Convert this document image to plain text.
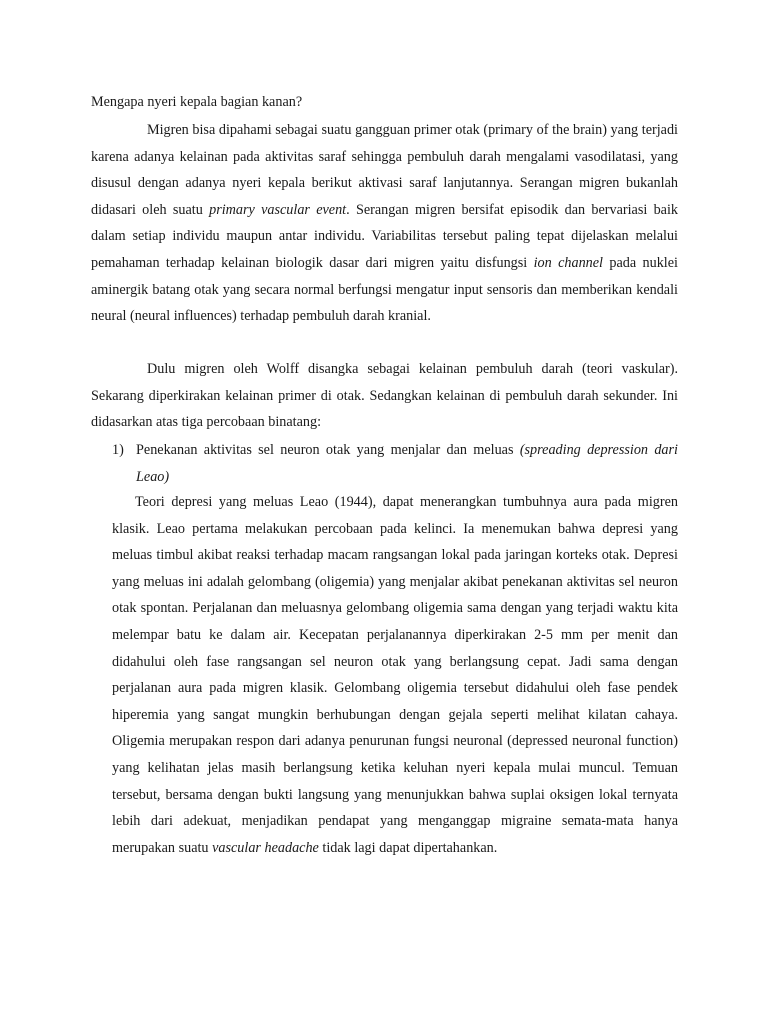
Mengapa nyeri kepala bagian kanan?

Migren bisa dipahami sebagai suatu gangguan primer otak (primary of the brain) yang terjadi karena adanya kelainan pada aktivitas saraf sehingga pembuluh darah mengalami vasodilatasi, yang disusul dengan adanya nyeri kepala berikut aktivasi saraf lanjutannya. Serangan migren bukanlah didasari oleh suatu primary vascular event. Serangan migren bersifat episodik dan bervariasi baik dalam setiap individu maupun antar individu. Variabilitas tersebut paling tepat dijelaskan melalui pemahaman terhadap kelainan biologik dasar dari migren yaitu disfungsi ion channel pada nuklei aminergik batang otak yang secara normal berfungsi mengatur input sensoris dan memberikan kendali neural (neural influences) terhadap pembuluh darah kranial.

Dulu migren oleh Wolff disangka sebagai kelainan pembuluh darah (teori vaskular). Sekarang diperkirakan kelainan primer di otak. Sedangkan kelainan di pembuluh darah sekunder. Ini didasarkan atas tiga percobaan binatang:

1) Penekanan aktivitas sel neuron otak yang menjalar dan meluas (spreading depression dari Leao)

Teori depresi yang meluas Leao (1944), dapat menerangkan tumbuhnya aura pada migren klasik. Leao pertama melakukan percobaan pada kelinci. Ia menemukan bahwa depresi yang meluas timbul akibat reaksi terhadap macam rangsangan lokal pada jaringan korteks otak. Depresi yang meluas ini adalah gelombang (oligemia) yang menjalar akibat penekanan aktivitas sel neuron otak spontan. Perjalanan dan meluasnya gelombang oligemia sama dengan yang terjadi waktu kita melempar batu ke dalam air. Kecepatan perjalanannya diperkirakan 2-5 mm per menit dan didahului oleh fase rangsangan sel neuron otak yang berlangsung cepat. Jadi sama dengan perjalanan aura pada migren klasik. Gelombang oligemia tersebut didahului oleh fase pendek hiperemia yang sangat mungkin berhubungan dengan gejala seperti melihat kilatan cahaya. Oligemia merupakan respon dari adanya penurunan fungsi neuronal (depressed neuronal function) yang kelihatan jelas masih berlangsung ketika keluhan nyeri kepala mulai muncul. Temuan tersebut, bersama dengan bukti langsung yang menunjukkan bahwa suplai oksigen lokal ternyata lebih dari adekuat, menjadikan pendapat yang menganggap migraine semata-mata hanya merupakan suatu vascular headache tidak lagi dapat dipertahankan.
